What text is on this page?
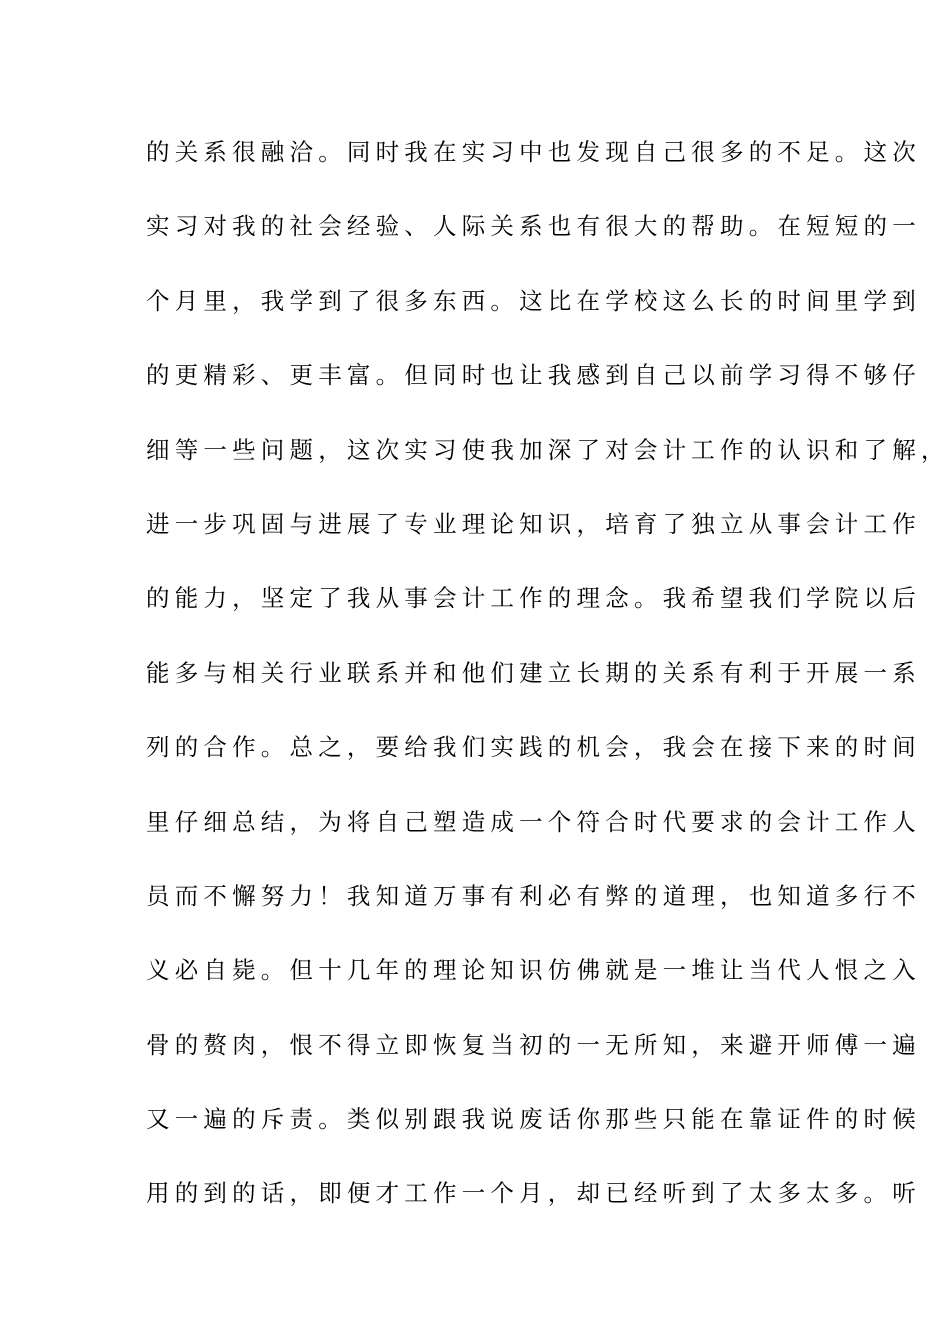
的关系很融洽。同时我在实习中也发现自己很多的不足。这次
实习对我的社会经验、人际关系也有很大的帮助。在短短的一
个月里，我学到了很多东西。这比在学校这么长的时间里学到
的更精彩、更丰富。但同时也让我感到自己以前学习得不够仔
细等一些问题，这次实习使我加深了对会计工作的认识和了解，
进一步巩固与进展了专业理论知识，培育了独立从事会计工作
的能力，坚定了我从事会计工作的理念。我希望我们学院以后
能多与相关行业联系并和他们建立长期的关系有利于开展一系
列的合作。总之，要给我们实践的机会，我会在接下来的时间
里仔细总结，为将自己塑造成一个符合时代要求的会计工作人
员而不懈努力！我知道万事有利必有弊的道理，也知道多行不
义必自毙。但十几年的理论知识仿佛就是一堆让当代人恨之入
骨的赘肉，恨不得立即恢复当初的一无所知，来避开师傅一遍
又一遍的斥责。类似别跟我说废话你那些只能在靠证件的时候
用的到的话，即便才工作一个月，却已经听到了太多太多。听
